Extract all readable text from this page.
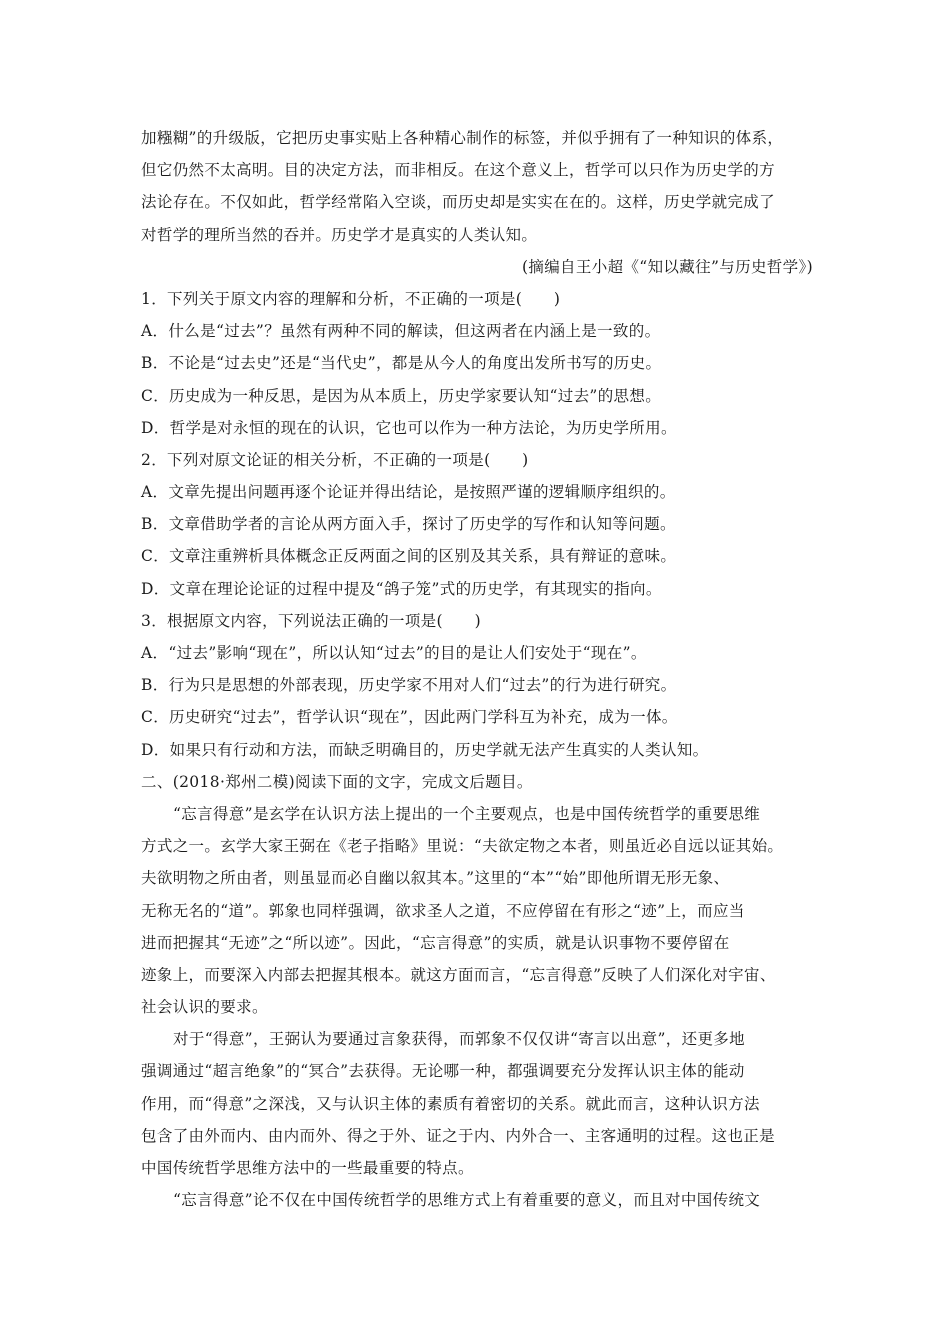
加糨糊”的升级版，它把历史事实贴上各种精心制作的标签，并似乎拥有了一种知识的体系，
但它仍然不太高明。目的决定方法，而非相反。在这个意义上，哲学可以只作为历史学的方
法论存在。不仅如此，哲学经常陷入空谈，而历史却是实实在在的。这样，历史学就完成了
对哲学的理所当然的吞并。历史学才是真实的人类认知。
(摘编自王小超《“知以藏往”与历史哲学》)
1．下列关于原文内容的理解和分析，不正确的一项是(　　)
A．什么是“过去”？虽然有两种不同的解读，但这两者在内涵上是一致的。
B．不论是“过去史”还是“当代史”，都是从今人的角度出发所书写的历史。
C．历史成为一种反思，是因为从本质上，历史学家要认知“过去”的思想。
D．哲学是对永恒的现在的认识，它也可以作为一种方法论，为历史学所用。
2．下列对原文论证的相关分析，不正确的一项是(　　)
A．文章先提出问题再逐个论证并得出结论，是按照严谨的逻辑顺序组织的。
B．文章借助学者的言论从两方面入手，探讨了历史学的写作和认知等问题。
C．文章注重辨析具体概念正反两面之间的区别及其关系，具有辩证的意味。
D．文章在理论论证的过程中提及“鸽子笼”式的历史学，有其现实的指向。
3．根据原文内容，下列说法正确的一项是(　　)
A．“过去”影响“现在”，所以认知“过去”的目的是让人们安处于“现在”。
B．行为只是思想的外部表现，历史学家不用对人们“过去”的行为进行研究。
C．历史研究“过去”，哲学认识“现在”，因此两门学科互为补充，成为一体。
D．如果只有行动和方法，而缺乏明确目的，历史学就无法产生真实的人类认知。
二、(2018·郑州二模)阅读下面的文字，完成文后题目。
“忘言得意”是玄学在认识方法上提出的一个主要观点，也是中国传统哲学的重要思维
方式之一。玄学大家王弼在《老子指略》里说：“夫欲定物之本者，则虽近必自远以证其始。
夫欲明物之所由者，则虽显而必自幽以叙其本。”这里的“本”“始”即他所谓无形无象、
无称无名的“道”。郭象也同样强调，欲求圣人之道，不应停留在有形之“迹”上，而应当
进而把握其“无迹”之“所以迹”。因此，“忘言得意”的实质，就是认识事物不要停留在
迹象上，而要深入内部去把握其根本。就这方面而言，“忘言得意”反映了人们深化对宇宙、
社会认识的要求。
对于“得意”，王弼认为要通过言象获得，而郭象不仅仅讲“寄言以出意”，还更多地
强调通过“超言绝象”的“冥合”去获得。无论哪一种，都强调要充分发挥认识主体的能动
作用，而“得意”之深浅，又与认识主体的素质有着密切的关系。就此而言，这种认识方法
包含了由外而内、由内而外、得之于外、证之于内、内外合一、主客通明的过程。这也正是
中国传统哲学思维方法中的一些最重要的特点。
“忘言得意”论不仅在中国传统哲学的思维方式上有着重要的意义，而且对中国传统文
